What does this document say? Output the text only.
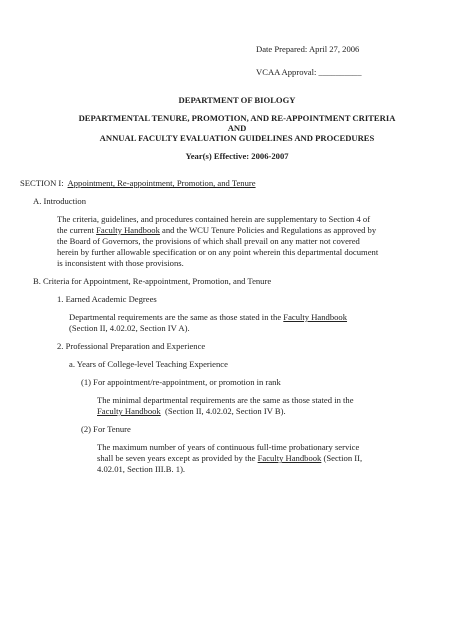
Date Prepared: April 27, 2006
VCAA Approval: __________
DEPARTMENT OF BIOLOGY
DEPARTMENTAL TENURE, PROMOTION, AND RE-APPOINTMENT CRITERIA
AND
ANNUAL FACULTY EVALUATION GUIDELINES AND PROCEDURES
Year(s) Effective: 2006-2007
SECTION I:  Appointment, Re-appointment, Promotion, and Tenure
A. Introduction
The criteria, guidelines, and procedures contained herein are supplementary to Section 4 of
the current Faculty Handbook and the WCU Tenure Policies and Regulations as approved by
the Board of Governors, the provisions of which shall prevail on any matter not covered
herein by further allowable specification or on any point wherein this departmental document
is inconsistent with those provisions.
B. Criteria for Appointment, Re-appointment, Promotion, and Tenure
1. Earned Academic Degrees
Departmental requirements are the same as those stated in the Faculty Handbook
(Section II, 4.02.02, Section IV A).
2. Professional Preparation and Experience
a. Years of College-level Teaching Experience
(1) For appointment/re-appointment, or promotion in rank
The minimal departmental requirements are the same as those stated in the
Faculty Handbook  (Section II, 4.02.02, Section IV B).
(2) For Tenure
The maximum number of years of continuous full-time probationary service
shall be seven years except as provided by the Faculty Handbook (Section II,
4.02.01, Section III.B. 1).
